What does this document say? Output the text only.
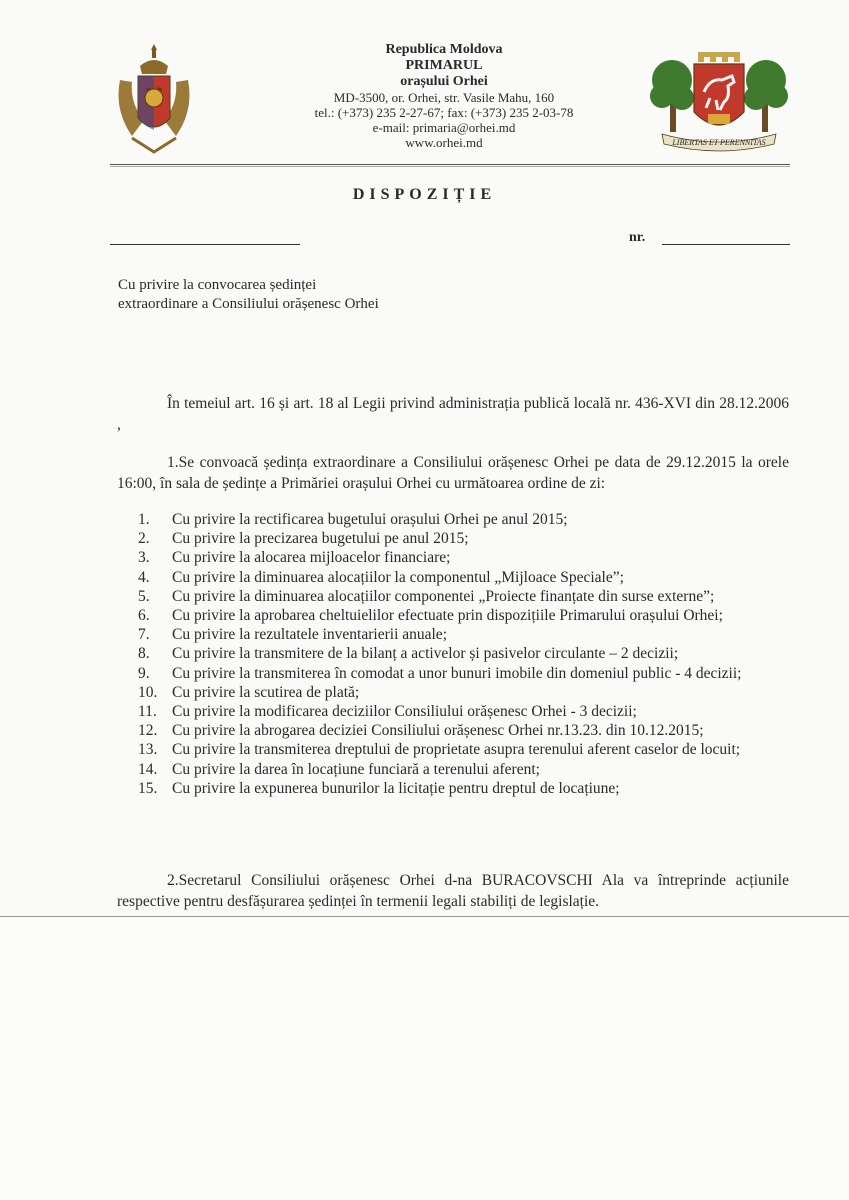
Republica Moldova
PRIMARUL
orașului Orhei
MD-3500, or. Orhei, str. Vasile Mahu, 160
tel.: (+373) 235 2-27-67; fax: (+373) 235 2-03-78
e-mail: primaria@orhei.md
www.orhei.md	LIBERTAS ET PERENNITAS
DISPOZIȚIE
nr.
Cu privire la convocarea ședinței
extraordinare a Consiliului orășenesc Orhei
În temeiul art. 16 și art. 18 al Legii privind administrația publică locală nr. 436-XVI din 28.12.2006 ,
1.Se convoacă ședința extraordinare a Consiliului orășenesc Orhei pe data de 29.12.2015 la orele 16:00, în sala de ședințe a Primăriei orașului Orhei cu următoarea ordine de zi:
1.	Cu privire la rectificarea bugetului orașului Orhei pe anul 2015;
2.	Cu privire la precizarea bugetului pe anul 2015;
3.	Cu privire la alocarea mijloacelor financiare;
4.	Cu privire la diminuarea alocațiilor la componentul „Mijloace Speciale”;
5.	Cu privire la diminuarea alocațiilor componentei „Proiecte finanțate din surse externe”;
6.	Cu privire la aprobarea cheltuielilor efectuate prin dispozițiile Primarului orașului Orhei;
7.	Cu privire la rezultatele inventarierii anuale;
8.	Cu privire la transmitere de la bilanț a activelor și pasivelor circulante – 2 decizii;
9.	Cu privire la transmiterea în comodat a unor bunuri imobile din domeniul public - 4 decizii;
10. Cu privire la scutirea de plată;
11. Cu privire la modificarea deciziilor Consiliului orășenesc Orhei - 3 decizii;
12. Cu privire la abrogarea deciziei Consiliului orășenesc Orhei nr.13.23. din 10.12.2015;
13. Cu privire la transmiterea dreptului de proprietate asupra terenului aferent caselor de locuit;
14. Cu privire la darea în locațiune funciară a terenului aferent;
15. Cu privire la expunerea bunurilor la licitație pentru dreptul de locațiune;
2.Secretarul Consiliului orășenesc Orhei d-na BURACOVSCHI Ala va întreprinde acțiunile respective pentru desfășurarea ședinței în termenii legali stabiliți de legislație.
